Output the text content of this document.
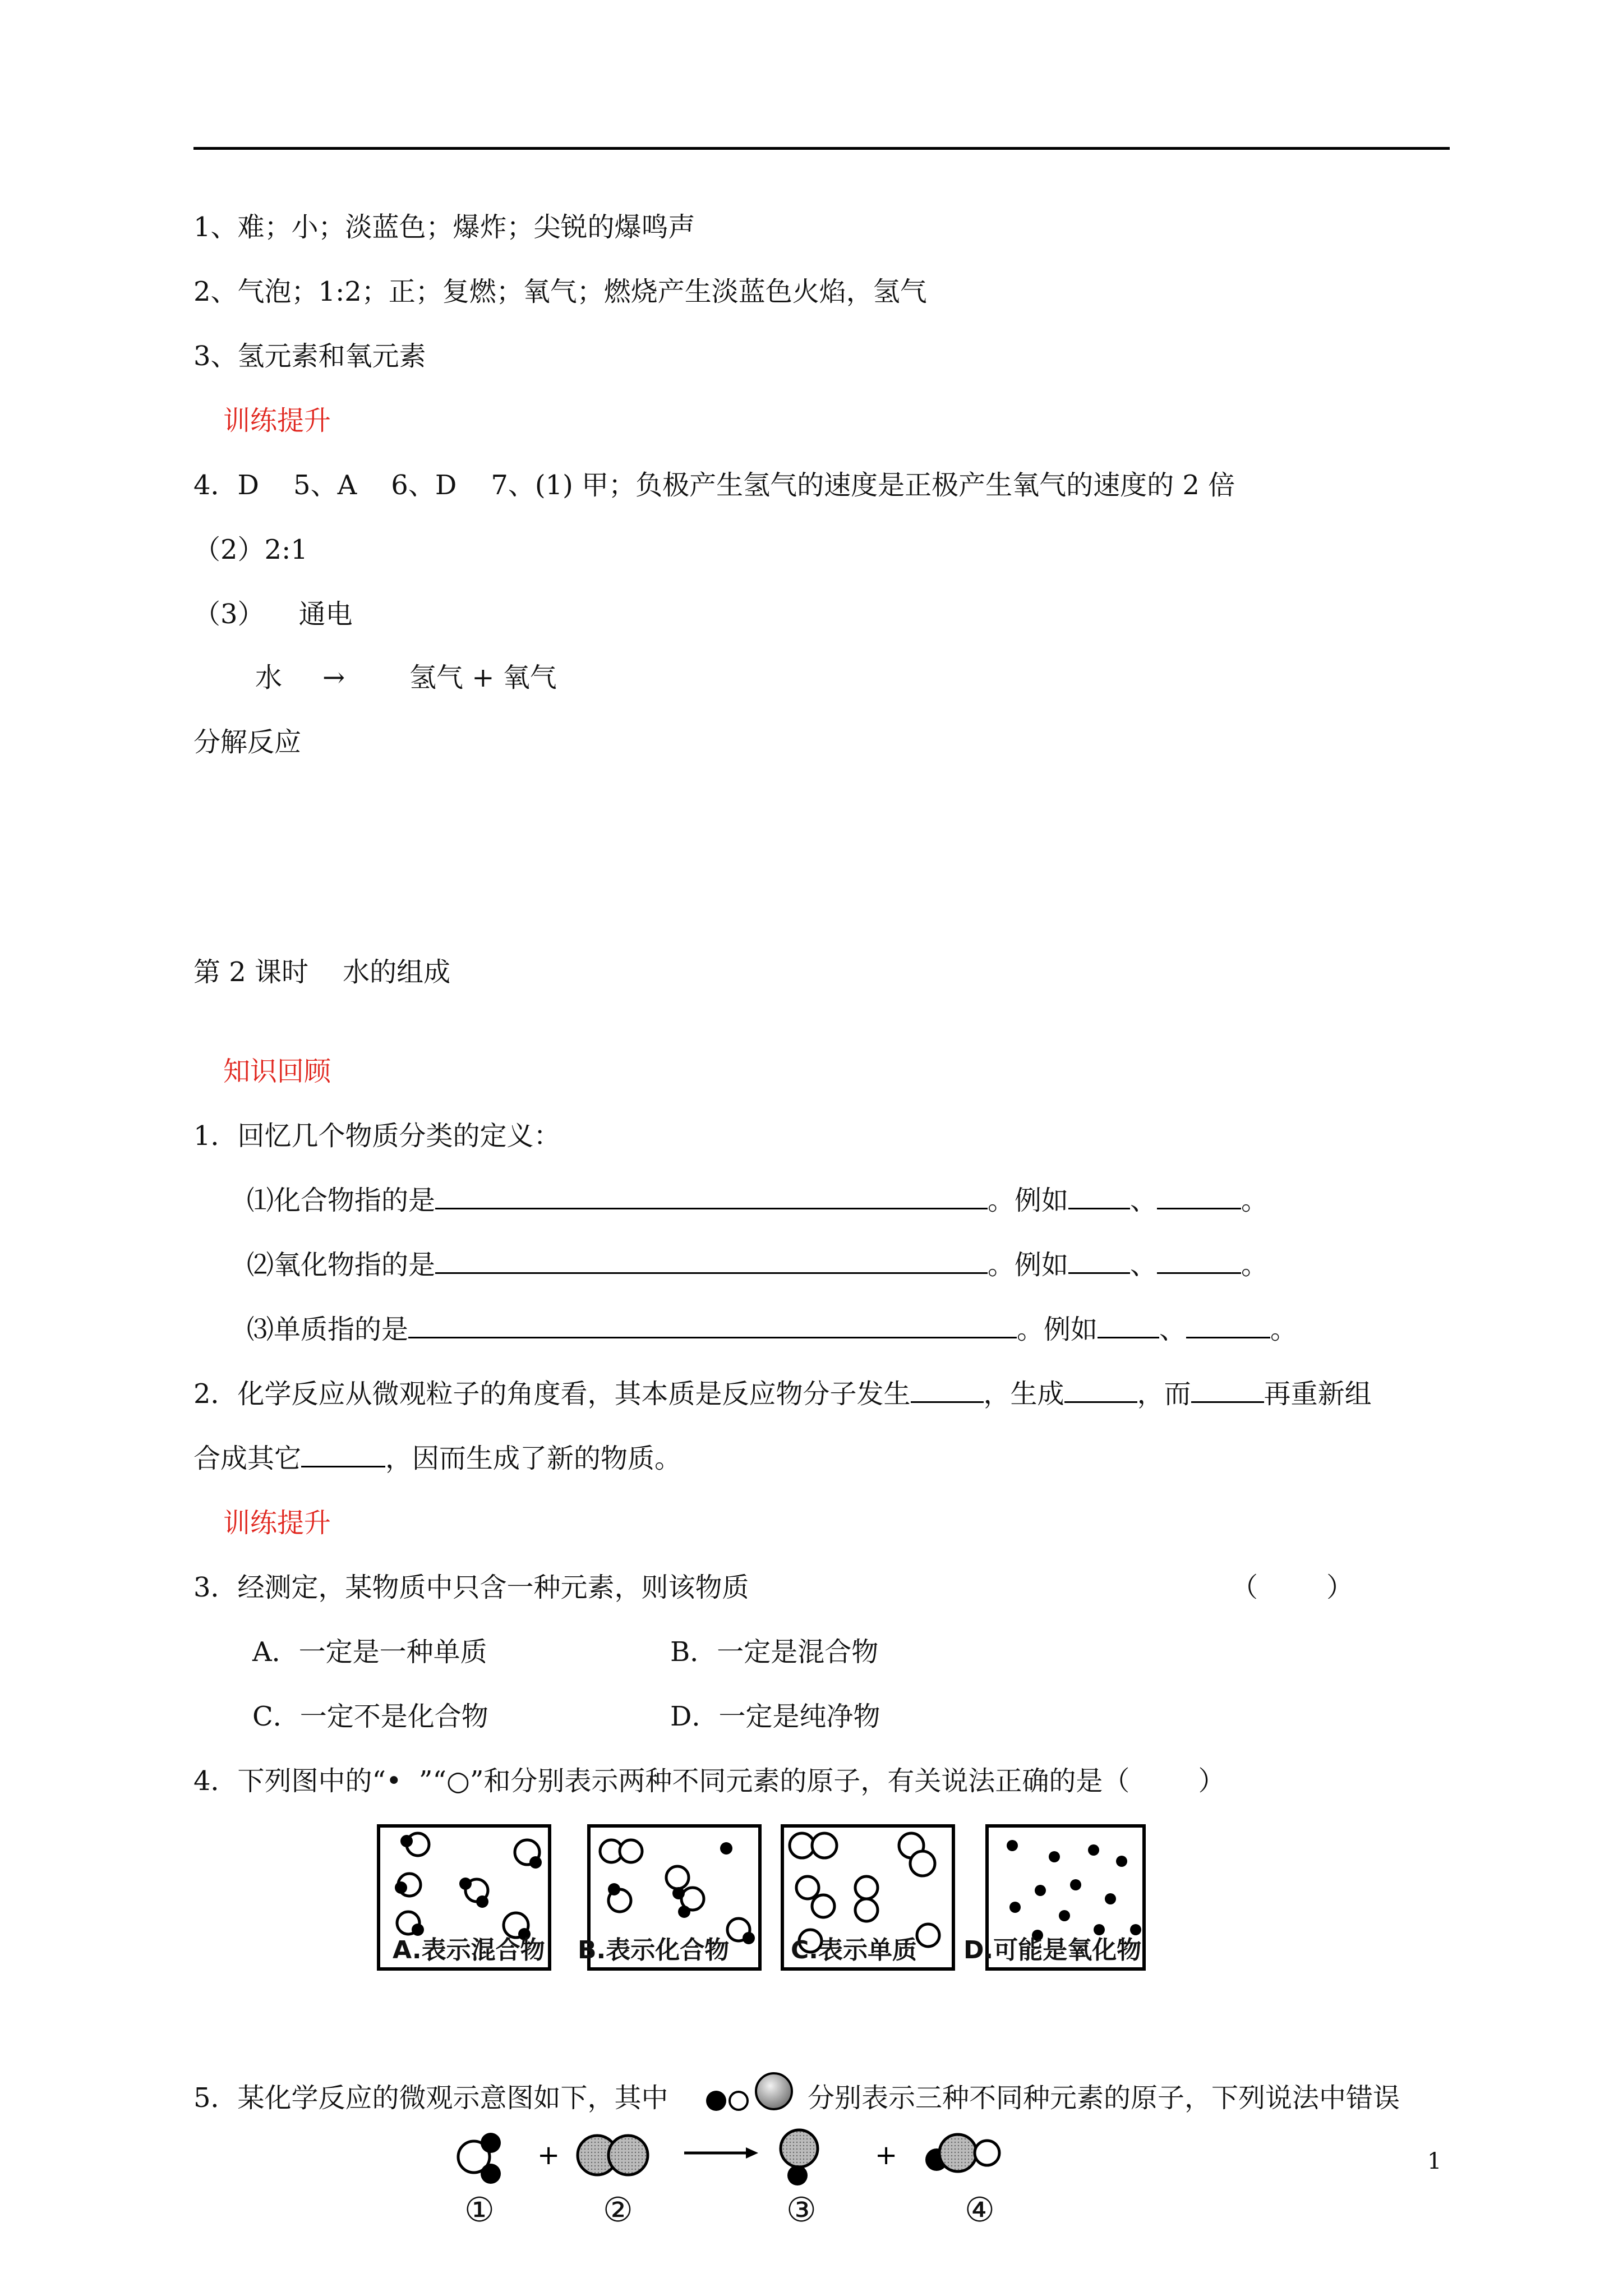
1、难；小；淡蓝色；爆炸；尖锐的爆鸣声
2、气泡；1:2；正；复燃；氧气；燃烧产生淡蓝色火焰，氢气
3、氢元素和氧元素
训练提升
4．D    5、A    6、D    7、(1) 甲；负极产生氢气的速度是正极产生氧气的速度的 2 倍
（2）2:1
（3）    通电
水 → 氢气 + 氧气
分解反应
第 2 课时    水的组成
知识回顾
1．回忆几个物质分类的定义：
⑴化合物指的是	。例如 、	。
⑵氧化物指的是	。例如 、	。
⑶单质指的是	。例如 、	。
2．化学反应从微观粒子的角度看，其本质是反应物分子发生	，生成	，而	再重新组
合成其它	，因而生成了新的物质。
训练提升
3．经测定，某物质中只含一种元素，则该物质	（        ）
A．一定是一种单质	B．一定是混合物
C．一定不是化合物	D．一定是纯净物
4．下列图中的“•  ”“○”和分别表示两种不同元素的原子，有关说法正确的是（        ）
A.表示混合物 B.表示化合物 C.表示单质 D.可能是氧化物
5．某化学反应的微观示意图如下，其中	分别表示三种不同种元素的原子，下列说法中错误
+	+
①	②	③	④
1
